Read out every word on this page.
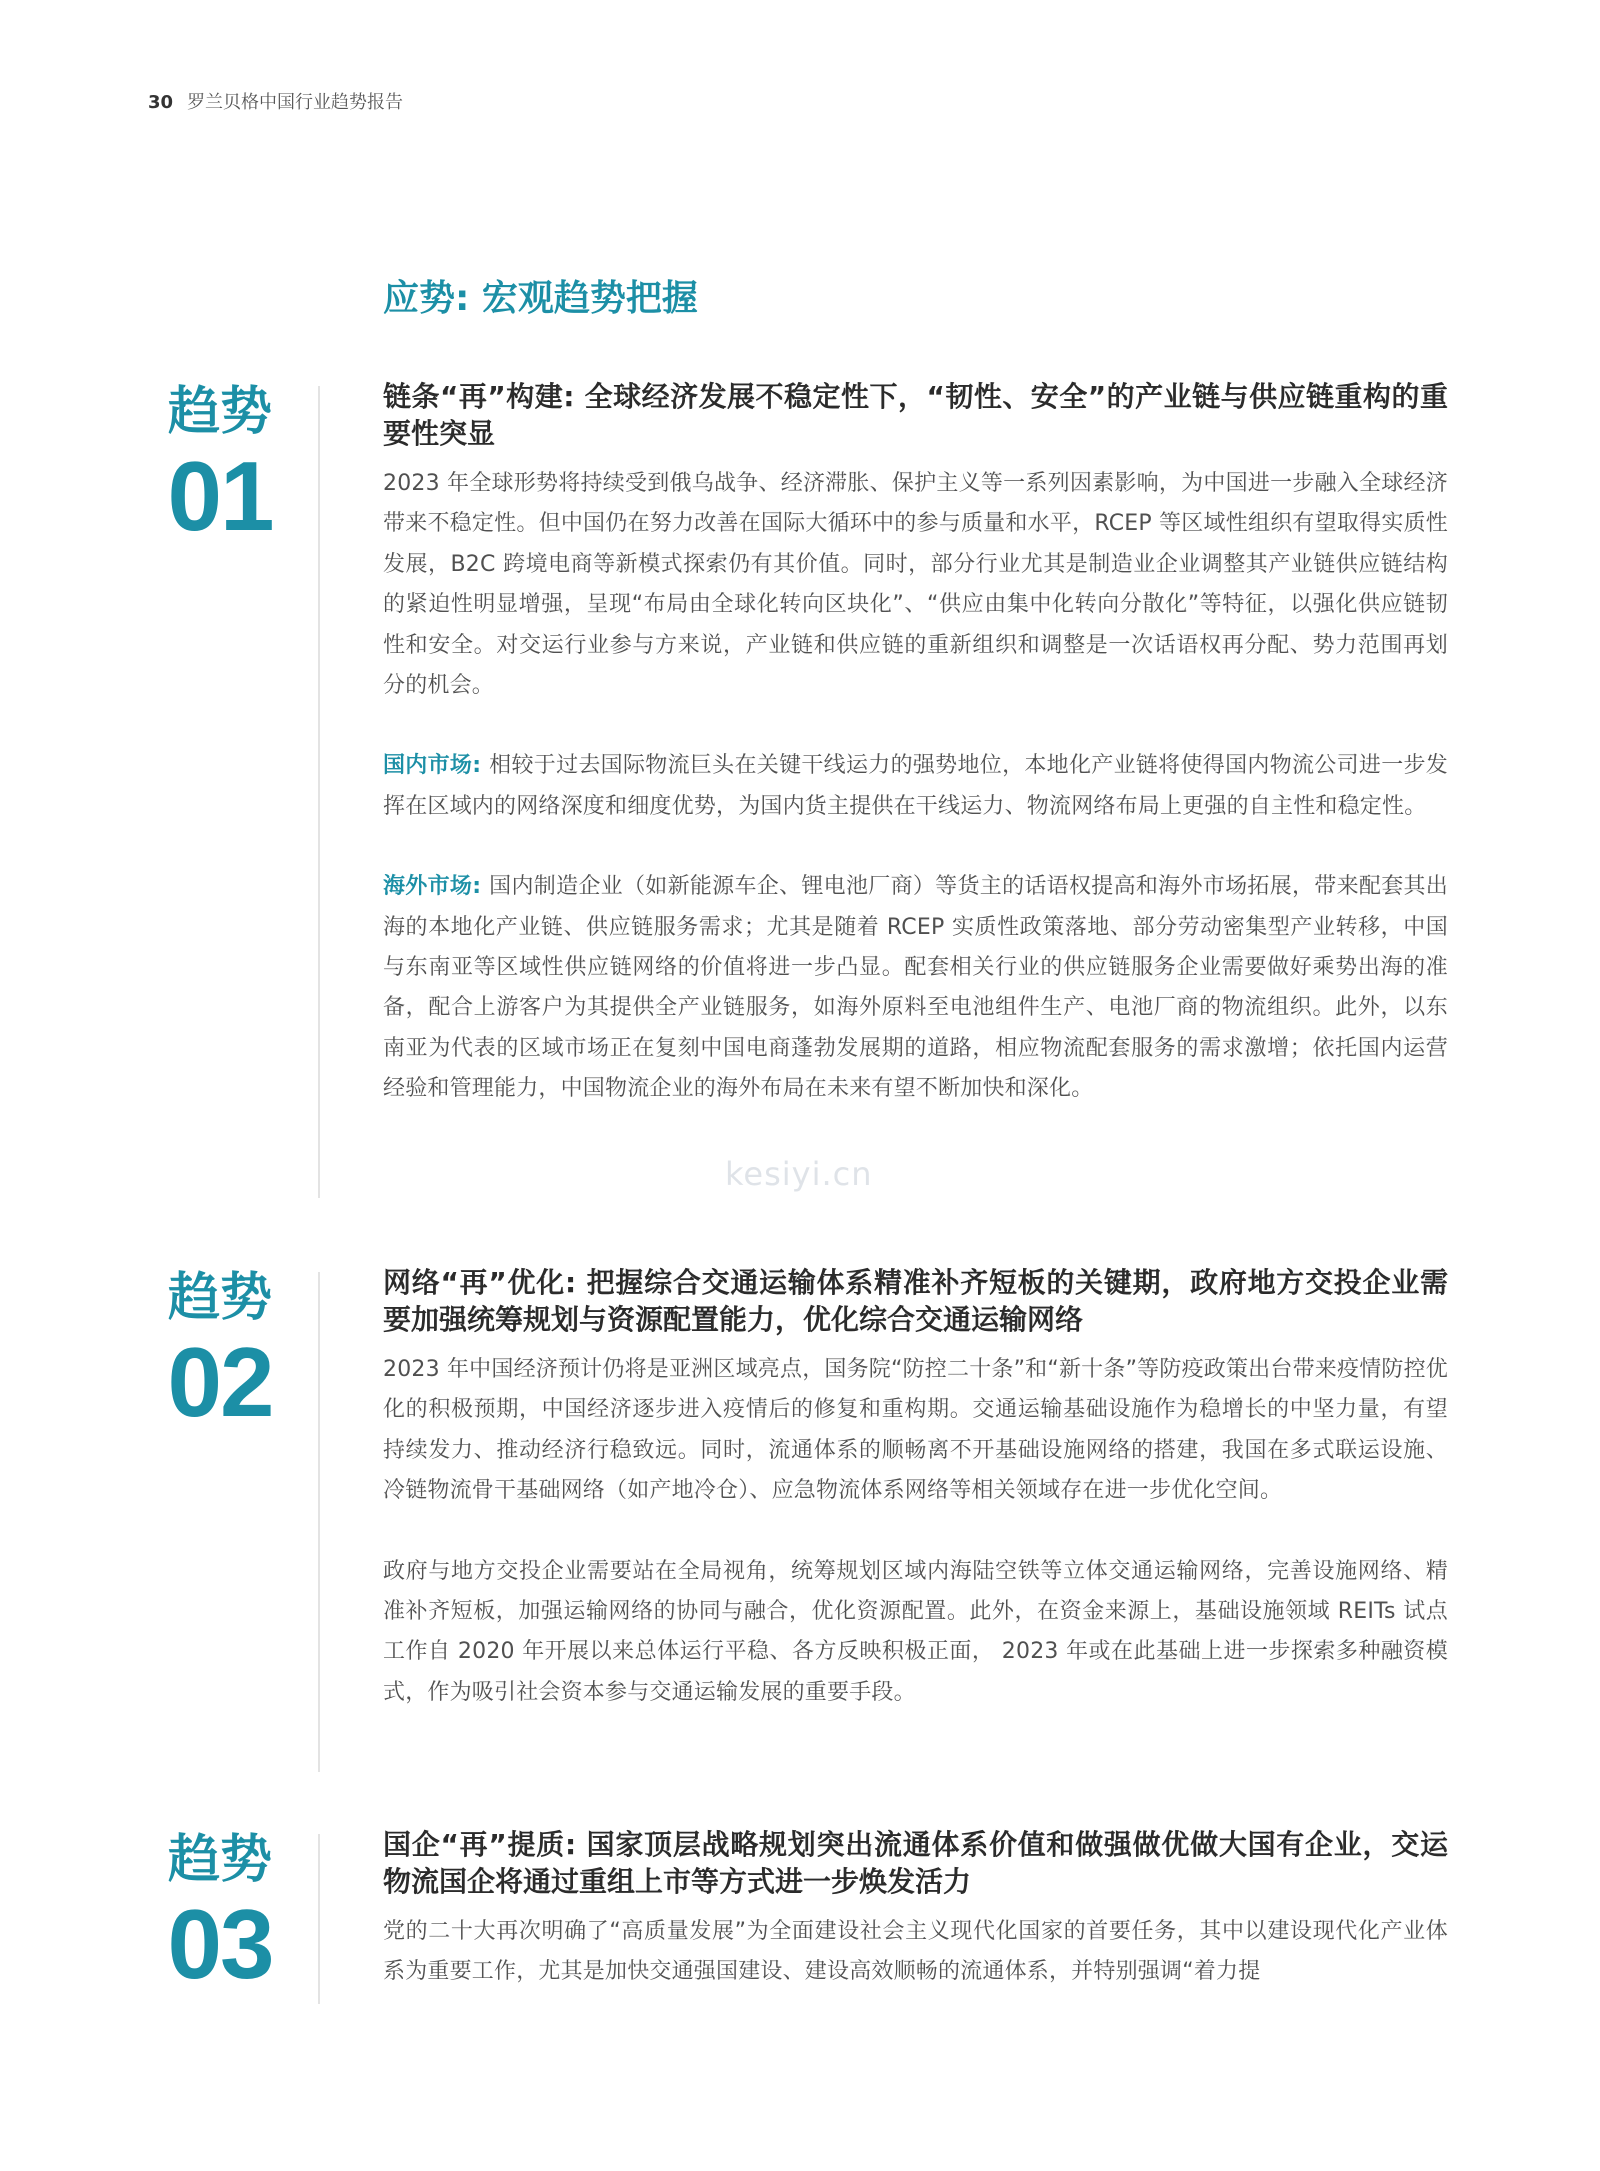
30 罗兰贝格中国行业趋势报告
应势: 宏观趋势把握
kesiyi.cn
趋势
01
链条“再”构建: 全球经济发展不稳定性下，“韧性、安全”的产业链与供应链重构的重要性突显

2023 年全球形势将持续受到俄乌战争、经济滞胀、保护主义等一系列因素影响，为中国进一步融入全球经济带来不稳定性。但中国仍在努力改善在国际大循环中的参与质量和水平，RCEP 等区域性组织有望取得实质性发展，B2C 跨境电商等新模式探索仍有其价值。同时，部分行业尤其是制造业企业调整其产业链供应链结构的紧迫性明显增强，呈现“布局由全球化转向区块化”、“供应由集中化转向分散化”等特征，以强化供应链韧性和安全。对交运行业参与方来说，产业链和供应链的重新组织和调整是一次话语权再分配、势力范围再划分的机会。

国内市场: 相较于过去国际物流巨头在关键干线运力的强势地位，本地化产业链将使得国内物流公司进一步发挥在区域内的网络深度和细度优势，为国内货主提供在干线运力、物流网络布局上更强的自主性和稳定性。

海外市场: 国内制造企业（如新能源车企、锂电池厂商）等货主的话语权提高和海外市场拓展，带来配套其出海的本地化产业链、供应链服务需求；尤其是随着 RCEP 实质性政策落地、部分劳动密集型产业转移，中国与东南亚等区域性供应链网络的价值将进一步凸显。配套相关行业的供应链服务企业需要做好乘势出海的准备，配合上游客户为其提供全产业链服务，如海外原料至电池组件生产、电池厂商的物流组织。此外，以东南亚为代表的区域市场正在复刻中国电商蓬勃发展期的道路，相应物流配套服务的需求激增；依托国内运营经验和管理能力，中国物流企业的海外布局在未来有望不断加快和深化。

趋势
02
网络“再”优化: 把握综合交通运输体系精准补齐短板的关键期，政府地方交投企业需要加强统筹规划与资源配置能力，优化综合交通运输网络

2023 年中国经济预计仍将是亚洲区域亮点，国务院“防控二十条”和“新十条”等防疫政策出台带来疫情防控优化的积极预期，中国经济逐步进入疫情后的修复和重构期。交通运输基础设施作为稳增长的中坚力量，有望持续发力、推动经济行稳致远。同时，流通体系的顺畅离不开基础设施网络的搭建，我国在多式联运设施、冷链物流骨干基础网络（如产地冷仓）、应急物流体系网络等相关领域存在进一步优化空间。

政府与地方交投企业需要站在全局视角，统筹规划区域内海陆空铁等立体交通运输网络，完善设施网络、精准补齐短板，加强运输网络的协同与融合，优化资源配置。此外，在资金来源上，基础设施领域 REITs 试点工作自 2020 年开展以来总体运行平稳、各方反映积极正面， 2023 年或在此基础上进一步探索多种融资模式，作为吸引社会资本参与交通运输发展的重要手段。

趋势
03
国企“再”提质: 国家顶层战略规划突出流通体系价值和做强做优做大国有企业，交运物流国企将通过重组上市等方式进一步焕发活力

党的二十大再次明确了“高质量发展”为全面建设社会主义现代化国家的首要任务，其中以建设现代化产业体系为重要工作，尤其是加快交通强国建设、建设高效顺畅的流通体系，并特别强调“着力提
